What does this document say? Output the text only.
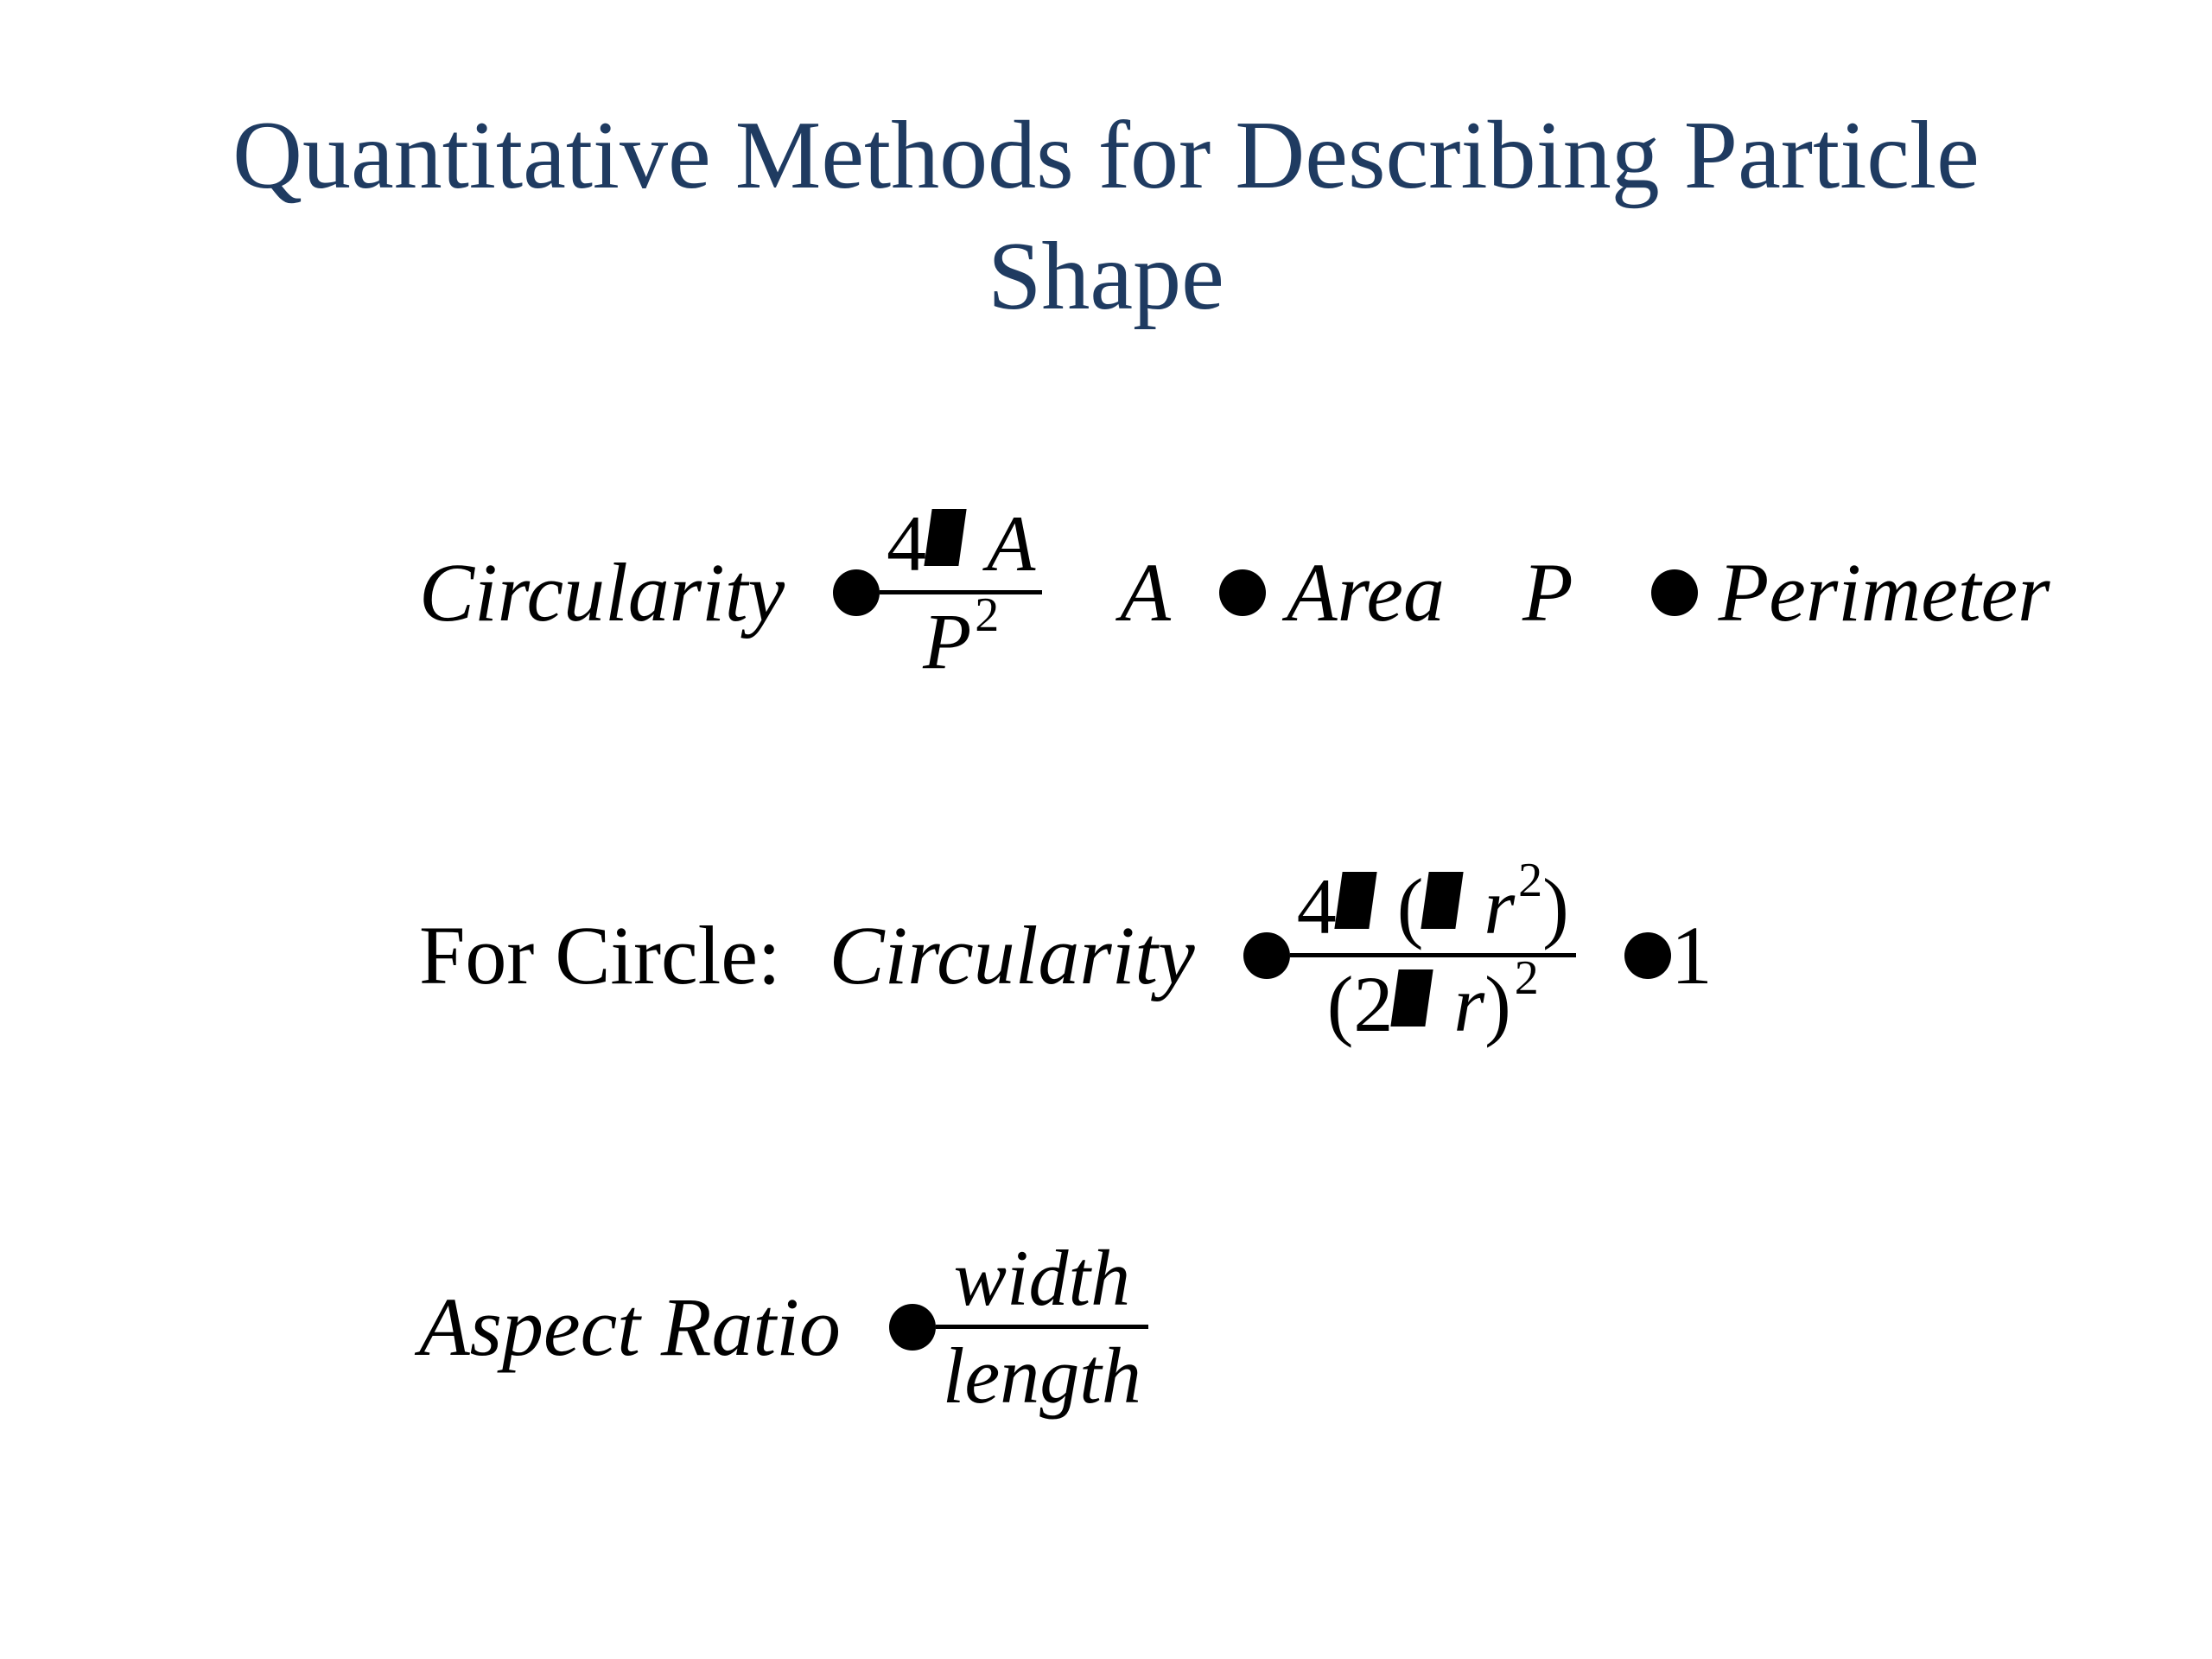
Quantitative Methods for Describing Particle Shape
Circularity
4 A
P 2 A Area P Perimeter
For Circle: Circularity
4 ( r 2 )
(2 r ) 2 1
Aspect Ratio
width
length
